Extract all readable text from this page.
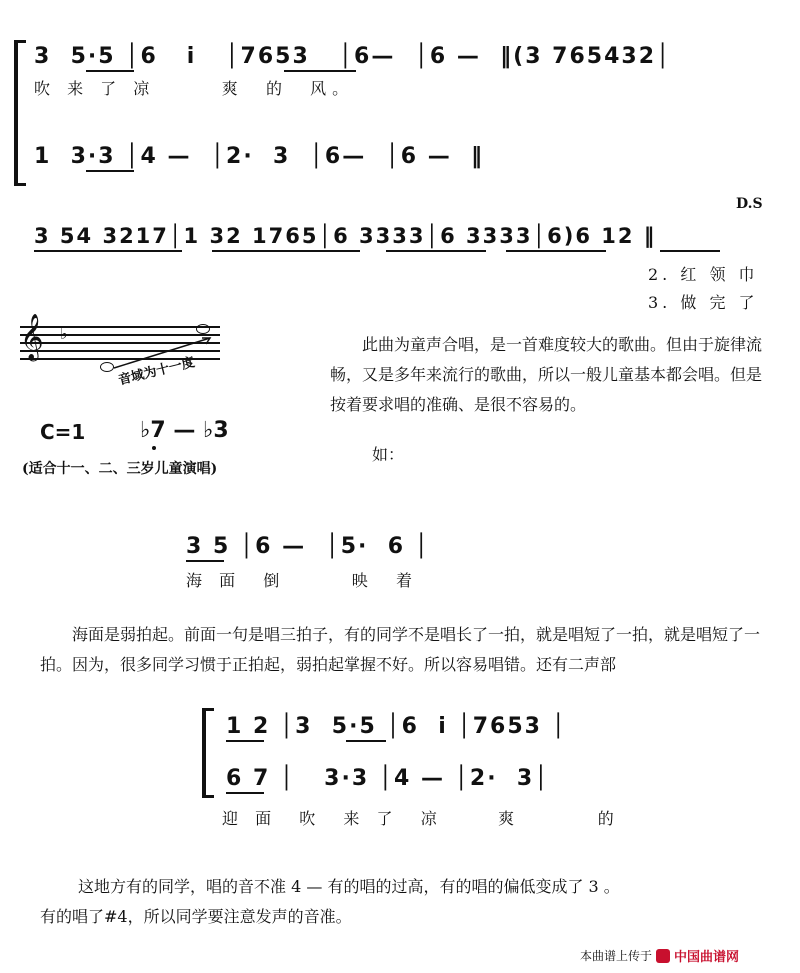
3  5·5 │6   i   │7653   │6—  │6 —  ‖(3 765432│
吹 来 了 凉      爽  的  风。
1  3·3 │4 —  │2·  3  │6—  │6 —  ‖
D.S
3 54 3217│1 32 1765│6 3333│6 3333│6)6 12 ‖
2. 红 领 巾
3. 做 完 了
𝄞 ♭
音域为十一度
C=1 ♭7 — ♭3
(适合十一、二、三岁儿童演唱)
此曲为童声合唱，是一首难度较大的歌曲。但由于旋律流畅，又是多年来流行的歌曲，所以一般儿童基本都会唱。但是按着要求唱的准确、是很不容易的。
如：
3 5 │6 —  │5·  6 │
海 面  倒      映  着
海面是弱拍起。前面一句是唱三拍子，有的同学不是唱长了一拍，就是唱短了一拍，就是唱短了一拍。因为，很多同学习惯于正拍起，弱拍起掌握不好。所以容易唱错。还有二声部
1 2 │3  5·5 │6  i │7653 │
6 7 │   3·3 │4 — │2·  3│
迎 面  吹  来 了  凉     爽       的
这地方有的同学，唱的音不准 4 — 有的唱的过高，有的唱的偏低变成了 3 。
有的唱了#4，所以同学要注意发声的音准。
本曲谱上传于 中国曲谱网
